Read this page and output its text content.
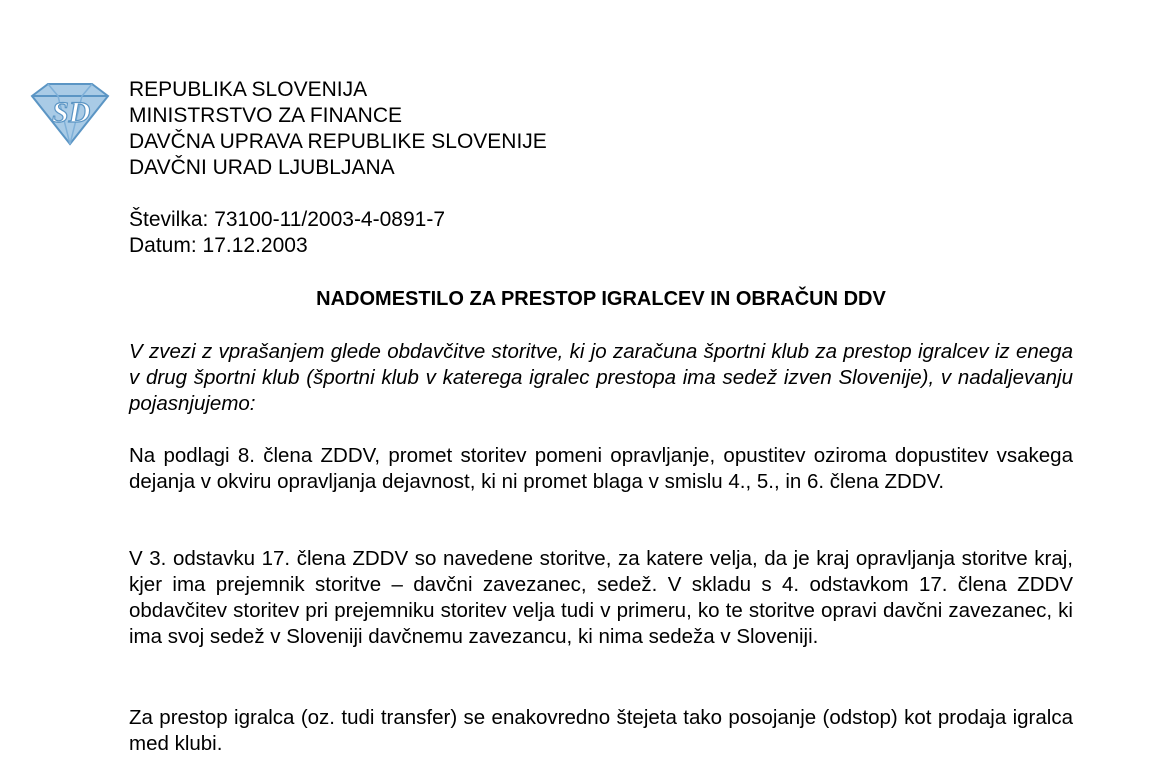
SD
REPUBLIKA SLOVENIJA
MINISTRSTVO ZA FINANCE
DAVČNA UPRAVA REPUBLIKE SLOVENIJE
DAVČNI URAD LJUBLJANA
Številka: 73100-11/2003-4-0891-7
Datum: 17.12.2003
NADOMESTILO ZA PRESTOP IGRALCEV IN OBRAČUN DDV

V zvezi z vprašanjem glede obdavčitve storitve, ki jo zaračuna športni klub za prestop igralcev iz enega v drug športni klub (športni klub v katerega igralec prestopa ima sedež izven Slovenije), v nadaljevanju pojasnjujemo:

Na podlagi 8. člena ZDDV, promet storitev pomeni opravljanje, opustitev oziroma dopustitev vsakega dejanja v okviru opravljanja dejavnost, ki ni promet blaga v smislu 4., 5., in 6. člena ZDDV.

V 3. odstavku 17. člena ZDDV so navedene storitve, za katere velja, da je kraj opravljanja storitve kraj, kjer ima prejemnik storitve – davčni zavezanec, sedež. V skladu s 4. odstavkom 17. člena ZDDV obdavčitev storitev pri prejemniku storitev velja tudi v primeru, ko te storitve opravi davčni zavezanec, ki ima svoj sedež v Sloveniji davčnemu zavezancu, ki nima sedeža v Sloveniji.

Za prestop igralca (oz. tudi transfer) se enakovredno štejeta tako posojanje (odstop) kot prodaja igralca med klubi.
